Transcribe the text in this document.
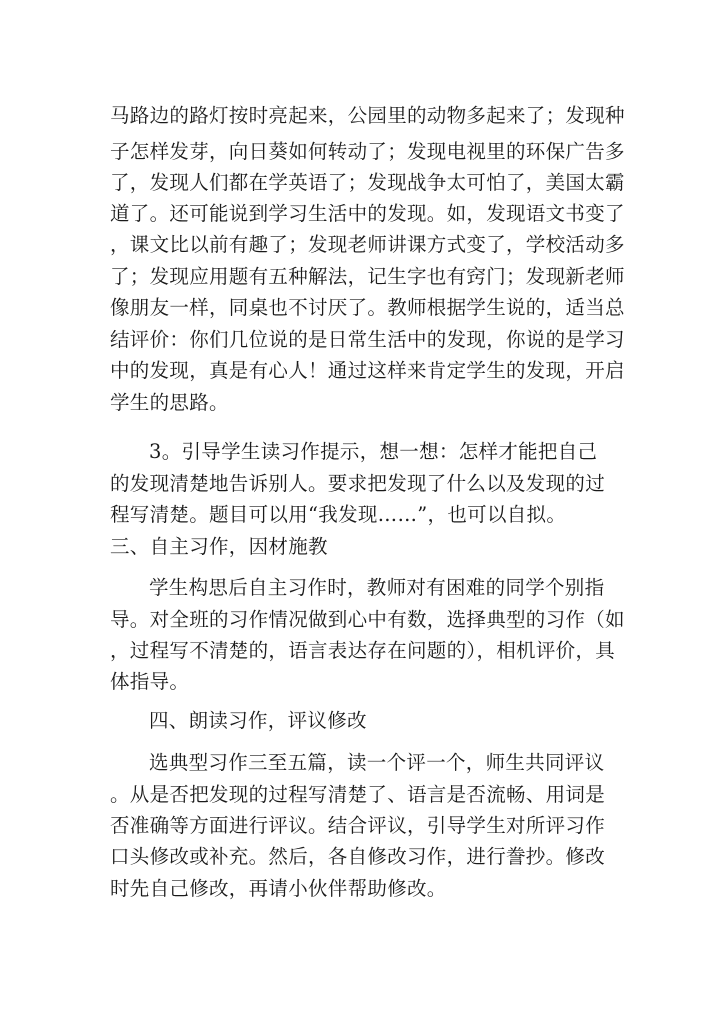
马路边的路灯按时亮起来，公园里的动物多起来了；发现种
子怎样发芽，向日葵如何转动了；发现电视里的环保广告多
了，发现人们都在学英语了；发现战争太可怕了，美国太霸
道了。还可能说到学习生活中的发现。如，发现语文书变了
，课文比以前有趣了；发现老师讲课方式变了，学校活动多
了；发现应用题有五种解法，记生字也有窍门；发现新老师
像朋友一样，同桌也不讨厌了。教师根据学生说的，适当总
结评价：你们几位说的是日常生活中的发现，你说的是学习
中的发现，真是有心人！通过这样来肯定学生的发现，开启
学生的思路。
3。引导学生读习作提示，想一想：怎样才能把自己
的发现清楚地告诉别人。要求把发现了什么以及发现的过
程写清楚。题目可以用“我发现……”，也可以自拟。
三、自主习作，因材施教
学生构思后自主习作时，教师对有困难的同学个别指
导。对全班的习作情况做到心中有数，选择典型的习作（如
，过程写不清楚的，语言表达存在问题的），相机评价，具
体指导。
四、朗读习作，评议修改
选典型习作三至五篇，读一个评一个，师生共同评议
。从是否把发现的过程写清楚了、语言是否流畅、用词是
否准确等方面进行评议。结合评议，引导学生对所评习作
口头修改或补充。然后，各自修改习作，进行誊抄。修改
时先自己修改，再请小伙伴帮助修改。
